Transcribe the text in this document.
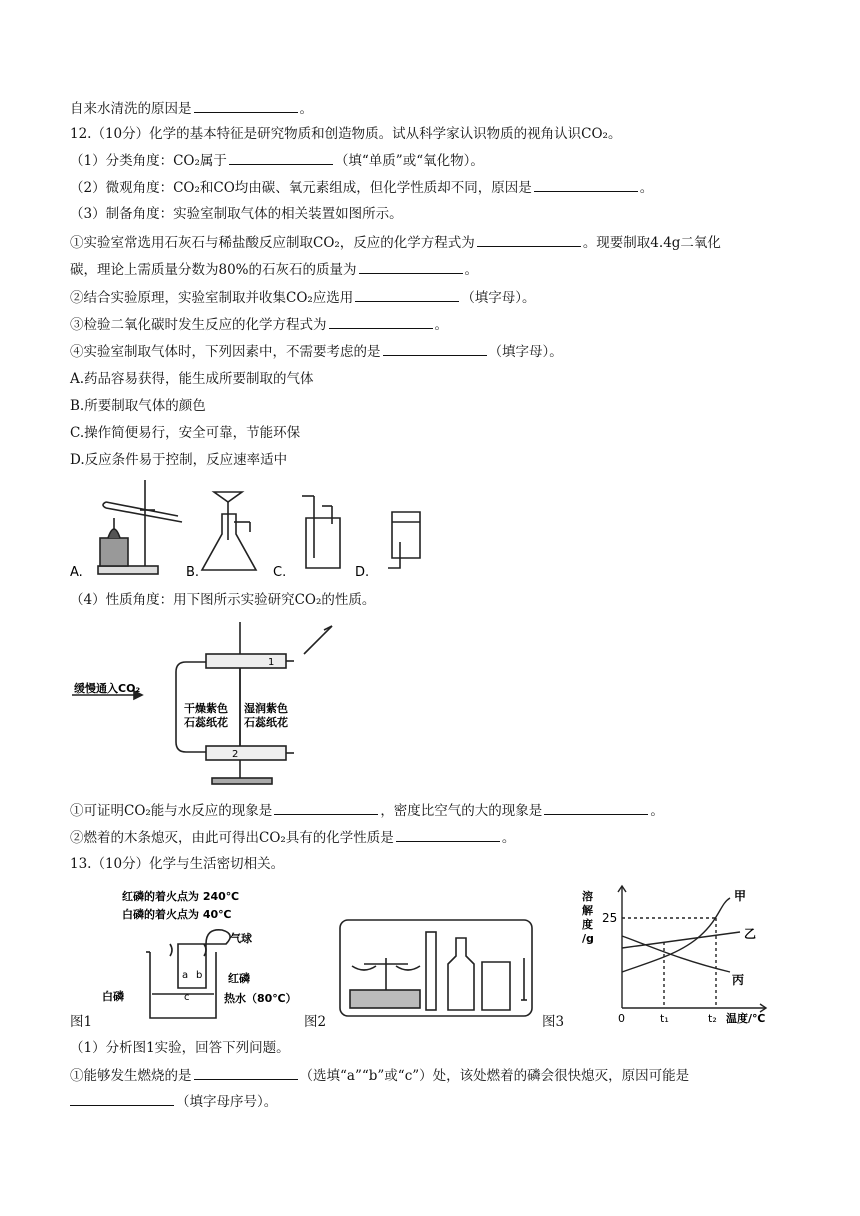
自来水清洗的原因是	。
12.（10分）化学的基本特征是研究物质和创造物质。试从科学家认识物质的视角认识CO₂。
（1）分类角度：CO₂属于	（填“单质”或“氧化物）。
（2）微观角度：CO₂和CO均由碳、氧元素组成，但化学性质却不同，原因是	。
（3）制备角度：实验室制取气体的相关装置如图所示。
①实验室常选用石灰石与稀盐酸反应制取CO₂，反应的化学方程式为	。现要制取4.4g二氧化
碳，理论上需质量分数为80%的石灰石的质量为	。
②结合实验原理，实验室制取并收集CO₂应选用	（填字母）。
③检验二氧化碳时发生反应的化学方程式为	。
④实验室制取气体时，下列因素中，不需要考虑的是	（填字母）。
A.药品容易获得，能生成所要制取的气体
B.所要制取气体的颜色
C.操作简便易行，安全可靠，节能环保
D.反应条件易于控制，反应速率适中
A.	B.	C.	D.
（4）性质角度：用下图所示实验研究CO₂的性质。
缓慢通入CO₂
干燥紫色
石蕊纸花
湿润紫色
石蕊纸花
1
2
①可证明CO₂能与水反应的现象是	，密度比空气的大的现象是	。
②燃着的木条熄灭，由此可得出CO₂具有的化学性质是	。
13.（10分）化学与生活密切相关。
红磷的着火点为 240℃
白磷的着火点为 40℃
气球
a b
c
红磷
白磷	热水（80℃）
图1	图2
溶 解 度 /g
25
0	t₁	t₂ 温度/℃
甲
乙
丙
图3
（1）分析图1实验，回答下列问题。
①能够发生燃烧的是	（选填“a”“b”或“c”）处，该处燃着的磷会很快熄灭，原因可能是
（填字母序号）。
